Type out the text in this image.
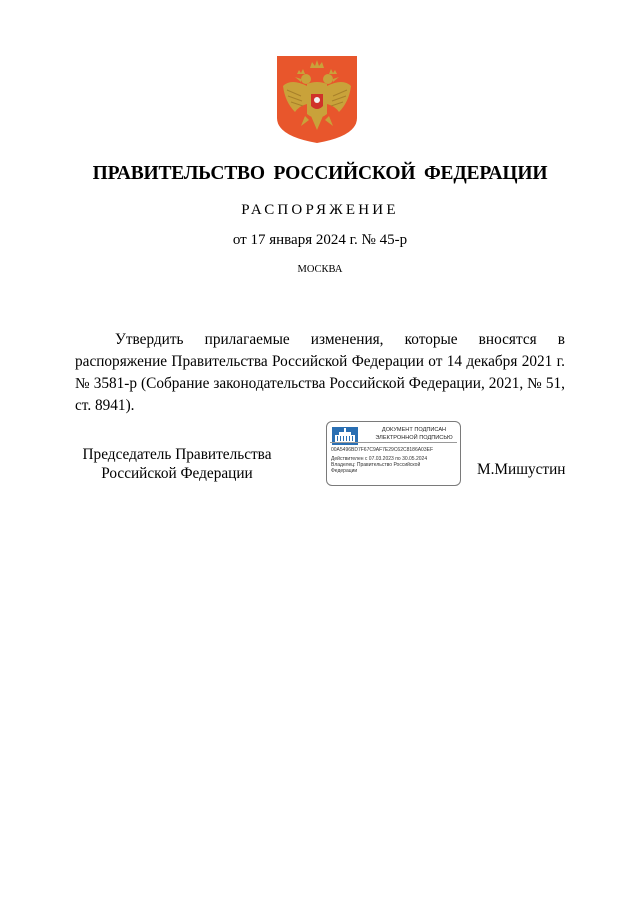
ПРАВИТЕЛЬСТВО РОССИЙСКОЙ ФЕДЕРАЦИИ
РАСПОРЯЖЕНИЕ
от 17 января 2024 г. № 45-р
МОСКВА

Утвердить прилагаемые изменения, которые вносятся в распоряжение Правительства Российской Федерации от 14 декабря 2021 г. № 3581-р (Собрание законодательства Российской Федерации, 2021, № 51, ст. 8941).

Председатель Правительства
Российской Федерации
ДОКУМЕНТ ПОДПИСАН
ЭЛЕКТРОННОЙ ПОДПИСЬЮ
00A5496BD7F67C9AF7E29C62C8186A03EF
Действителен с 07.03.2023 по 30.05.2024
Владелец: Правительство Российской
Федерации	М.Мишустин
